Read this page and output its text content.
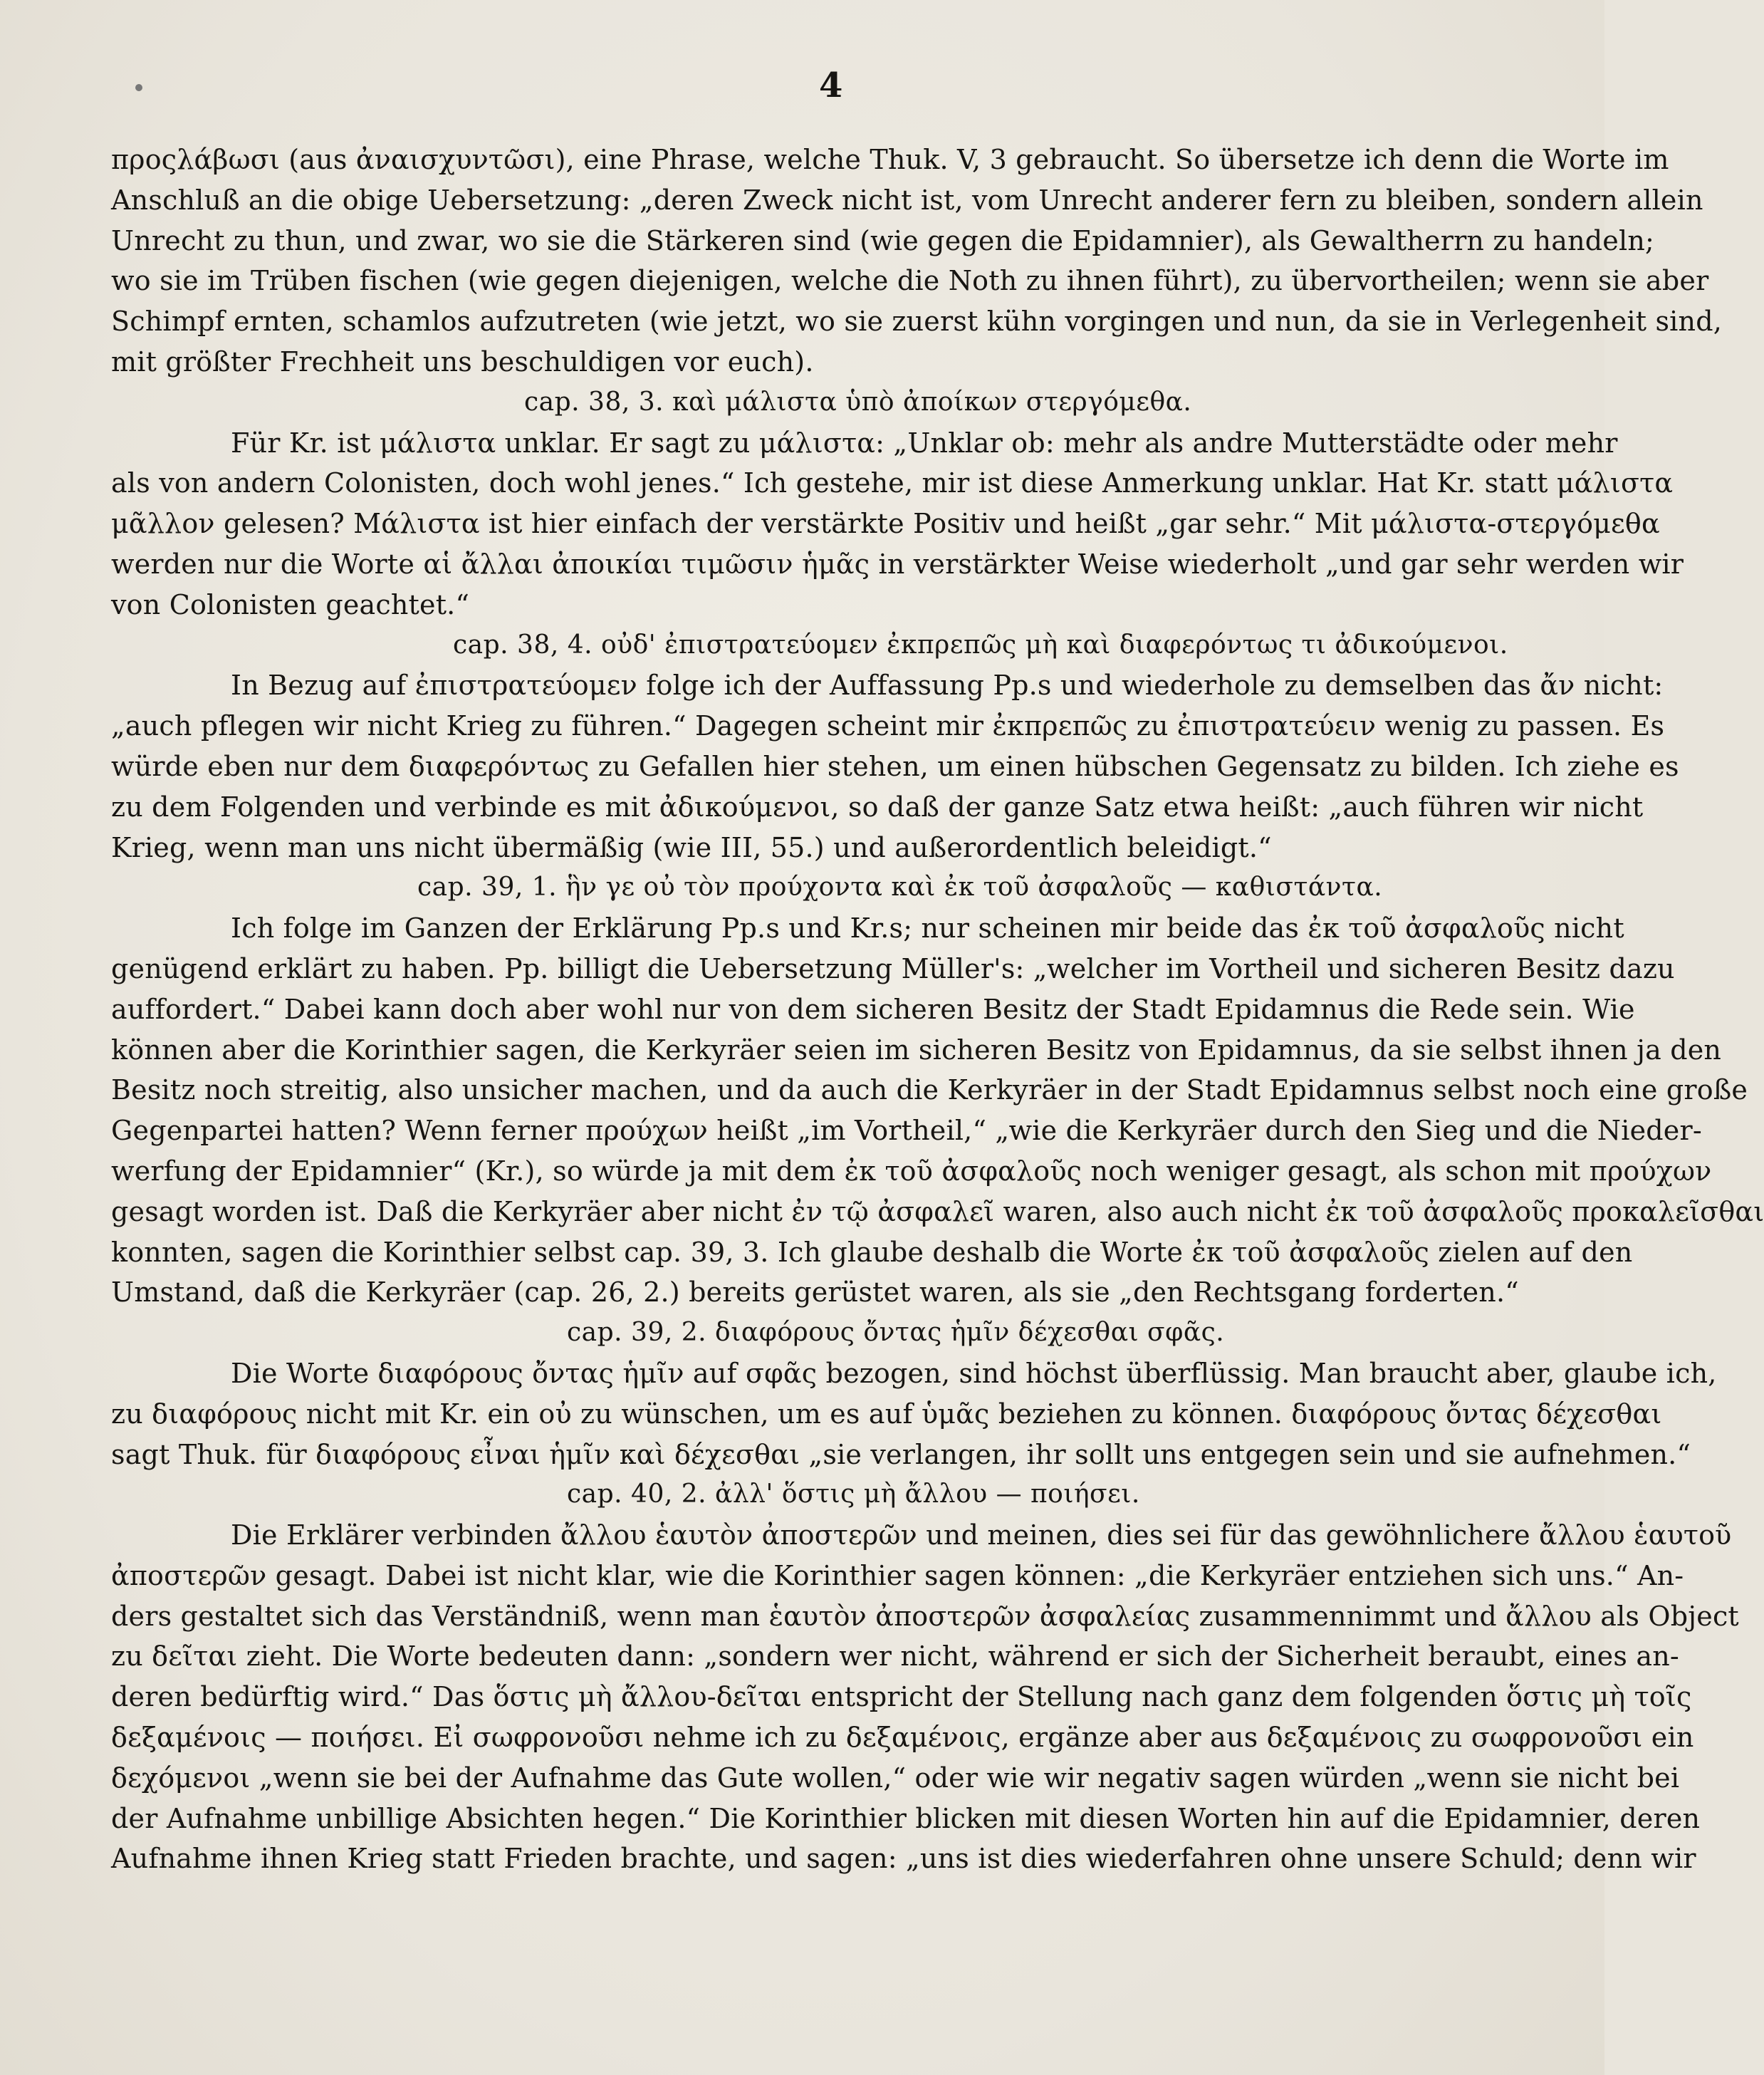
4
προςλάβωσι (aus ἀναισχυντῶσι), eine Phrase, welche Thuk. V, 3 gebraucht. So übersetze ich denn die Worte im
Anschluß an die obige Uebersetzung: „deren Zweck nicht ist, vom Unrecht anderer fern zu bleiben, sondern allein
Unrecht zu thun, und zwar, wo sie die Stärkeren sind (wie gegen die Epidamnier), als Gewaltherrn zu handeln;
wo sie im Trüben fischen (wie gegen diejenigen, welche die Noth zu ihnen führt), zu übervortheilen; wenn sie aber
Schimpf ernten, schamlos aufzutreten (wie jetzt, wo sie zuerst kühn vorgingen und nun, da sie in Verlegenheit sind,
mit größter Frechheit uns beschuldigen vor euch).
cap. 38, 3. καὶ μάλιστα ὑπὸ ἀποίκων στεργόμεθα.
Für Kr. ist μάλιστα unklar. Er sagt zu μάλιστα: „Unklar ob: mehr als andre Mutterstädte oder mehr
als von andern Colonisten, doch wohl jenes.“ Ich gestehe, mir ist diese Anmerkung unklar. Hat Kr. statt μάλιστα
μᾶλλον gelesen? Μάλιστα ist hier einfach der verstärkte Positiv und heißt „gar sehr.“ Mit μάλιστα-στεργόμεθα
werden nur die Worte αἱ ἄλλαι ἀποικίαι τιμῶσιν ἡμᾶς in verstärkter Weise wiederholt „und gar sehr werden wir
von Colonisten geachtet.“
cap. 38, 4. οὐδ' ἐπιστρατεύομεν ἐκπρεπῶς μὴ καὶ διαφερόντως τι ἀδικούμενοι.
In Bezug auf ἐπιστρατεύομεν folge ich der Auffassung Pp.s und wiederhole zu demselben das ἄν nicht:
„auch pflegen wir nicht Krieg zu führen.“ Dagegen scheint mir ἐκπρεπῶς zu ἐπιστρατεύειν wenig zu passen. Es
würde eben nur dem διαφερόντως zu Gefallen hier stehen, um einen hübschen Gegensatz zu bilden. Ich ziehe es
zu dem Folgenden und verbinde es mit ἀδικούμενοι, so daß der ganze Satz etwa heißt: „auch führen wir nicht
Krieg, wenn man uns nicht übermäßig (wie III, 55.) und außerordentlich beleidigt.“
cap. 39, 1. ἣν γε οὐ τὸν προύχοντα καὶ ἐκ τοῦ ἀσφαλοῦς — καθιστάντα.
Ich folge im Ganzen der Erklärung Pp.s und Kr.s; nur scheinen mir beide das ἐκ τοῦ ἀσφαλοῦς nicht
genügend erklärt zu haben. Pp. billigt die Uebersetzung Müller's: „welcher im Vortheil und sicheren Besitz dazu
auffordert.“ Dabei kann doch aber wohl nur von dem sicheren Besitz der Stadt Epidamnus die Rede sein. Wie
können aber die Korinthier sagen, die Kerkyräer seien im sicheren Besitz von Epidamnus, da sie selbst ihnen ja den
Besitz noch streitig, also unsicher machen, und da auch die Kerkyräer in der Stadt Epidamnus selbst noch eine große
Gegenpartei hatten? Wenn ferner προύχων heißt „im Vortheil,“ „wie die Kerkyräer durch den Sieg und die Nieder-
werfung der Epidamnier“ (Kr.), so würde ja mit dem ἐκ τοῦ ἀσφαλοῦς noch weniger gesagt, als schon mit προύχων
gesagt worden ist. Daß die Kerkyräer aber nicht ἐν τῷ ἀσφαλεῖ waren, also auch nicht ἐκ τοῦ ἀσφαλοῦς προκαλεῖσθαι
konnten, sagen die Korinthier selbst cap. 39, 3. Ich glaube deshalb die Worte ἐκ τοῦ ἀσφαλοῦς zielen auf den
Umstand, daß die Kerkyräer (cap. 26, 2.) bereits gerüstet waren, als sie „den Rechtsgang forderten.“
cap. 39, 2. διαφόρους ὄντας ἡμῖν δέχεσθαι σφᾶς.
Die Worte διαφόρους ὄντας ἡμῖν auf σφᾶς bezogen, sind höchst überflüssig. Man braucht aber, glaube ich,
zu διαφόρους nicht mit Kr. ein οὐ zu wünschen, um es auf ὑμᾶς beziehen zu können. διαφόρους ὄντας δέχεσθαι
sagt Thuk. für διαφόρους εἶναι ἡμῖν καὶ δέχεσθαι „sie verlangen, ihr sollt uns entgegen sein und sie aufnehmen.“
cap. 40, 2. ἀλλ' ὅστις μὴ ἄλλου — ποιήσει.
Die Erklärer verbinden ἄλλου ἑαυτὸν ἀποστερῶν und meinen, dies sei für das gewöhnlichere ἄλλου ἑαυτοῦ
ἀποστερῶν gesagt. Dabei ist nicht klar, wie die Korinthier sagen können: „die Kerkyräer entziehen sich uns.“ An-
ders gestaltet sich das Verständniß, wenn man ἑαυτὸν ἀποστερῶν ἀσφαλείας zusammennimmt und ἄλλου als Object
zu δεῖται zieht. Die Worte bedeuten dann: „sondern wer nicht, während er sich der Sicherheit beraubt, eines an-
deren bedürftig wird.“ Das ὅστις μὴ ἄλλου-δεῖται entspricht der Stellung nach ganz dem folgenden ὅστις μὴ τοῖς
δεξαμένοις — ποιήσει. Εἰ σωφρονοῦσι nehme ich zu δεξαμένοις, ergänze aber aus δεξαμένοις zu σωφρονοῦσι ein
δεχόμενοι „wenn sie bei der Aufnahme das Gute wollen,“ oder wie wir negativ sagen würden „wenn sie nicht bei
der Aufnahme unbillige Absichten hegen.“ Die Korinthier blicken mit diesen Worten hin auf die Epidamnier, deren
Aufnahme ihnen Krieg statt Frieden brachte, und sagen: „uns ist dies wiederfahren ohne unsere Schuld; denn wir
